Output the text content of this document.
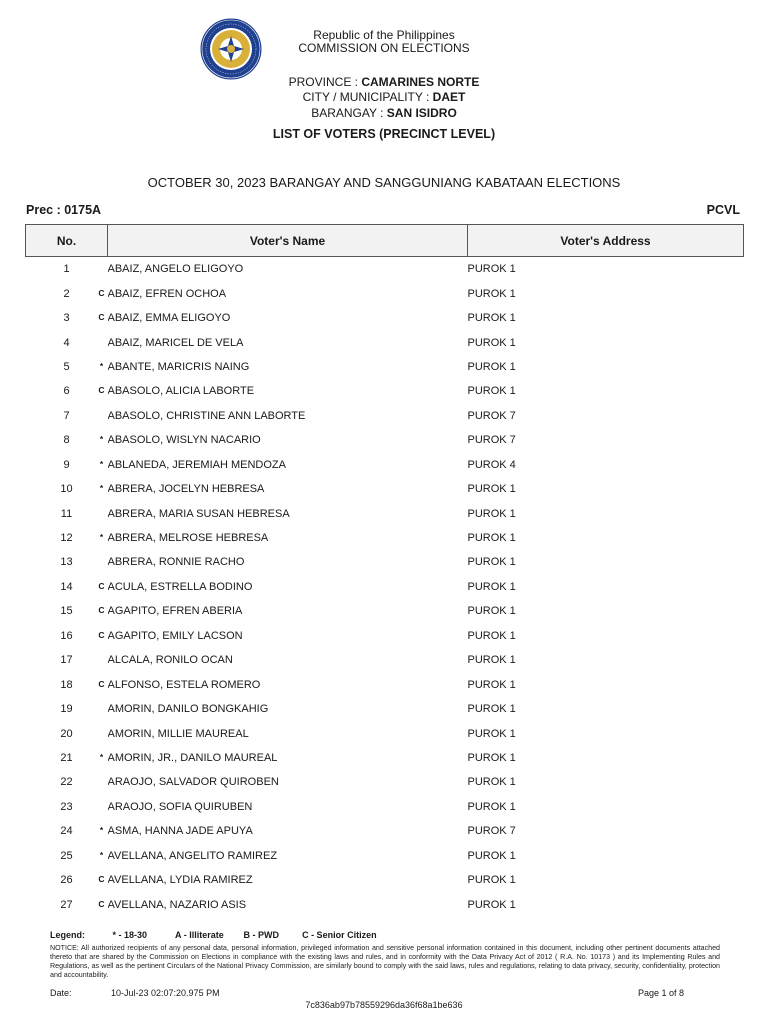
Republic of the Philippines
COMMISSION ON ELECTIONS
PROVINCE : CAMARINES NORTE
CITY / MUNICIPALITY : DAET
BARANGAY : SAN ISIDRO
LIST OF VOTERS (PRECINCT LEVEL)
OCTOBER 30, 2023 BARANGAY AND SANGGUNIANG KABATAAN ELECTIONS
Prec : 0175A	PCVL
No.	Voter's Name	Voter's Address
1	ABAIZ, ANGELO ELIGOYO	PUROK 1
2 C	ABAIZ, EFREN OCHOA	PUROK 1
3 C	ABAIZ, EMMA ELIGOYO	PUROK 1
4	ABAIZ, MARICEL DE VELA	PUROK 1
5 *	ABANTE, MARICRIS NAING	PUROK 1
6 C	ABASOLO, ALICIA LABORTE	PUROK 1
7	ABASOLO, CHRISTINE ANN LABORTE	PUROK 7
8 *	ABASOLO, WISLYN NACARIO	PUROK 7
9 *	ABLANEDA, JEREMIAH MENDOZA	PUROK 4
10 *	ABRERA, JOCELYN HEBRESA	PUROK 1
11	ABRERA, MARIA SUSAN HEBRESA	PUROK 1
12 *	ABRERA, MELROSE HEBRESA	PUROK 1
13	ABRERA, RONNIE RACHO	PUROK 1
14 C	ACULA, ESTRELLA BODINO	PUROK 1
15 C	AGAPITO, EFREN ABERIA	PUROK 1
16 C	AGAPITO, EMILY LACSON	PUROK 1
17	ALCALA, RONILO OCAN	PUROK 1
18 C	ALFONSO, ESTELA ROMERO	PUROK 1
19	AMORIN, DANILO BONGKAHIG	PUROK 1
20	AMORIN, MILLIE MAUREAL	PUROK 1
21 *	AMORIN, JR., DANILO MAUREAL	PUROK 1
22	ARAOJO, SALVADOR QUIROBEN	PUROK 1
23	ARAOJO, SOFIA QUIRUBEN	PUROK 1
24 *	ASMA, HANNA JADE APUYA	PUROK 7
25 *	AVELLANA, ANGELITO RAMIREZ	PUROK 1
26 C	AVELLANA, LYDIA RAMIREZ	PUROK 1
27 C	AVELLANA, NAZARIO ASIS	PUROK 1
Legend:	* - 18-30	A - Illiterate B - PWD	C - Senior Citizen
NOTICE: All authorized recipients of any personal data, personal information, privileged information and sensitive personal information contained in this document, including other pertinent documents attached thereto that are shared by the Commission on Elections in compliance with the existing laws and rules, and in conformity with the Data Privacy Act of 2012 ( R.A. No. 10173 ) and its Implementing Rules and Regulations, as well as the pertinent Circulars of the National Privacy Commission, are similarly bound to comply with the said laws, rules and regulations, relating to data privacy, security, confidentiality, protection and accountability.
Date:	10-Jul-23 02:07:20.975 PM	Page 1 of 8
7c836ab97b78559296da36f68a1be636
